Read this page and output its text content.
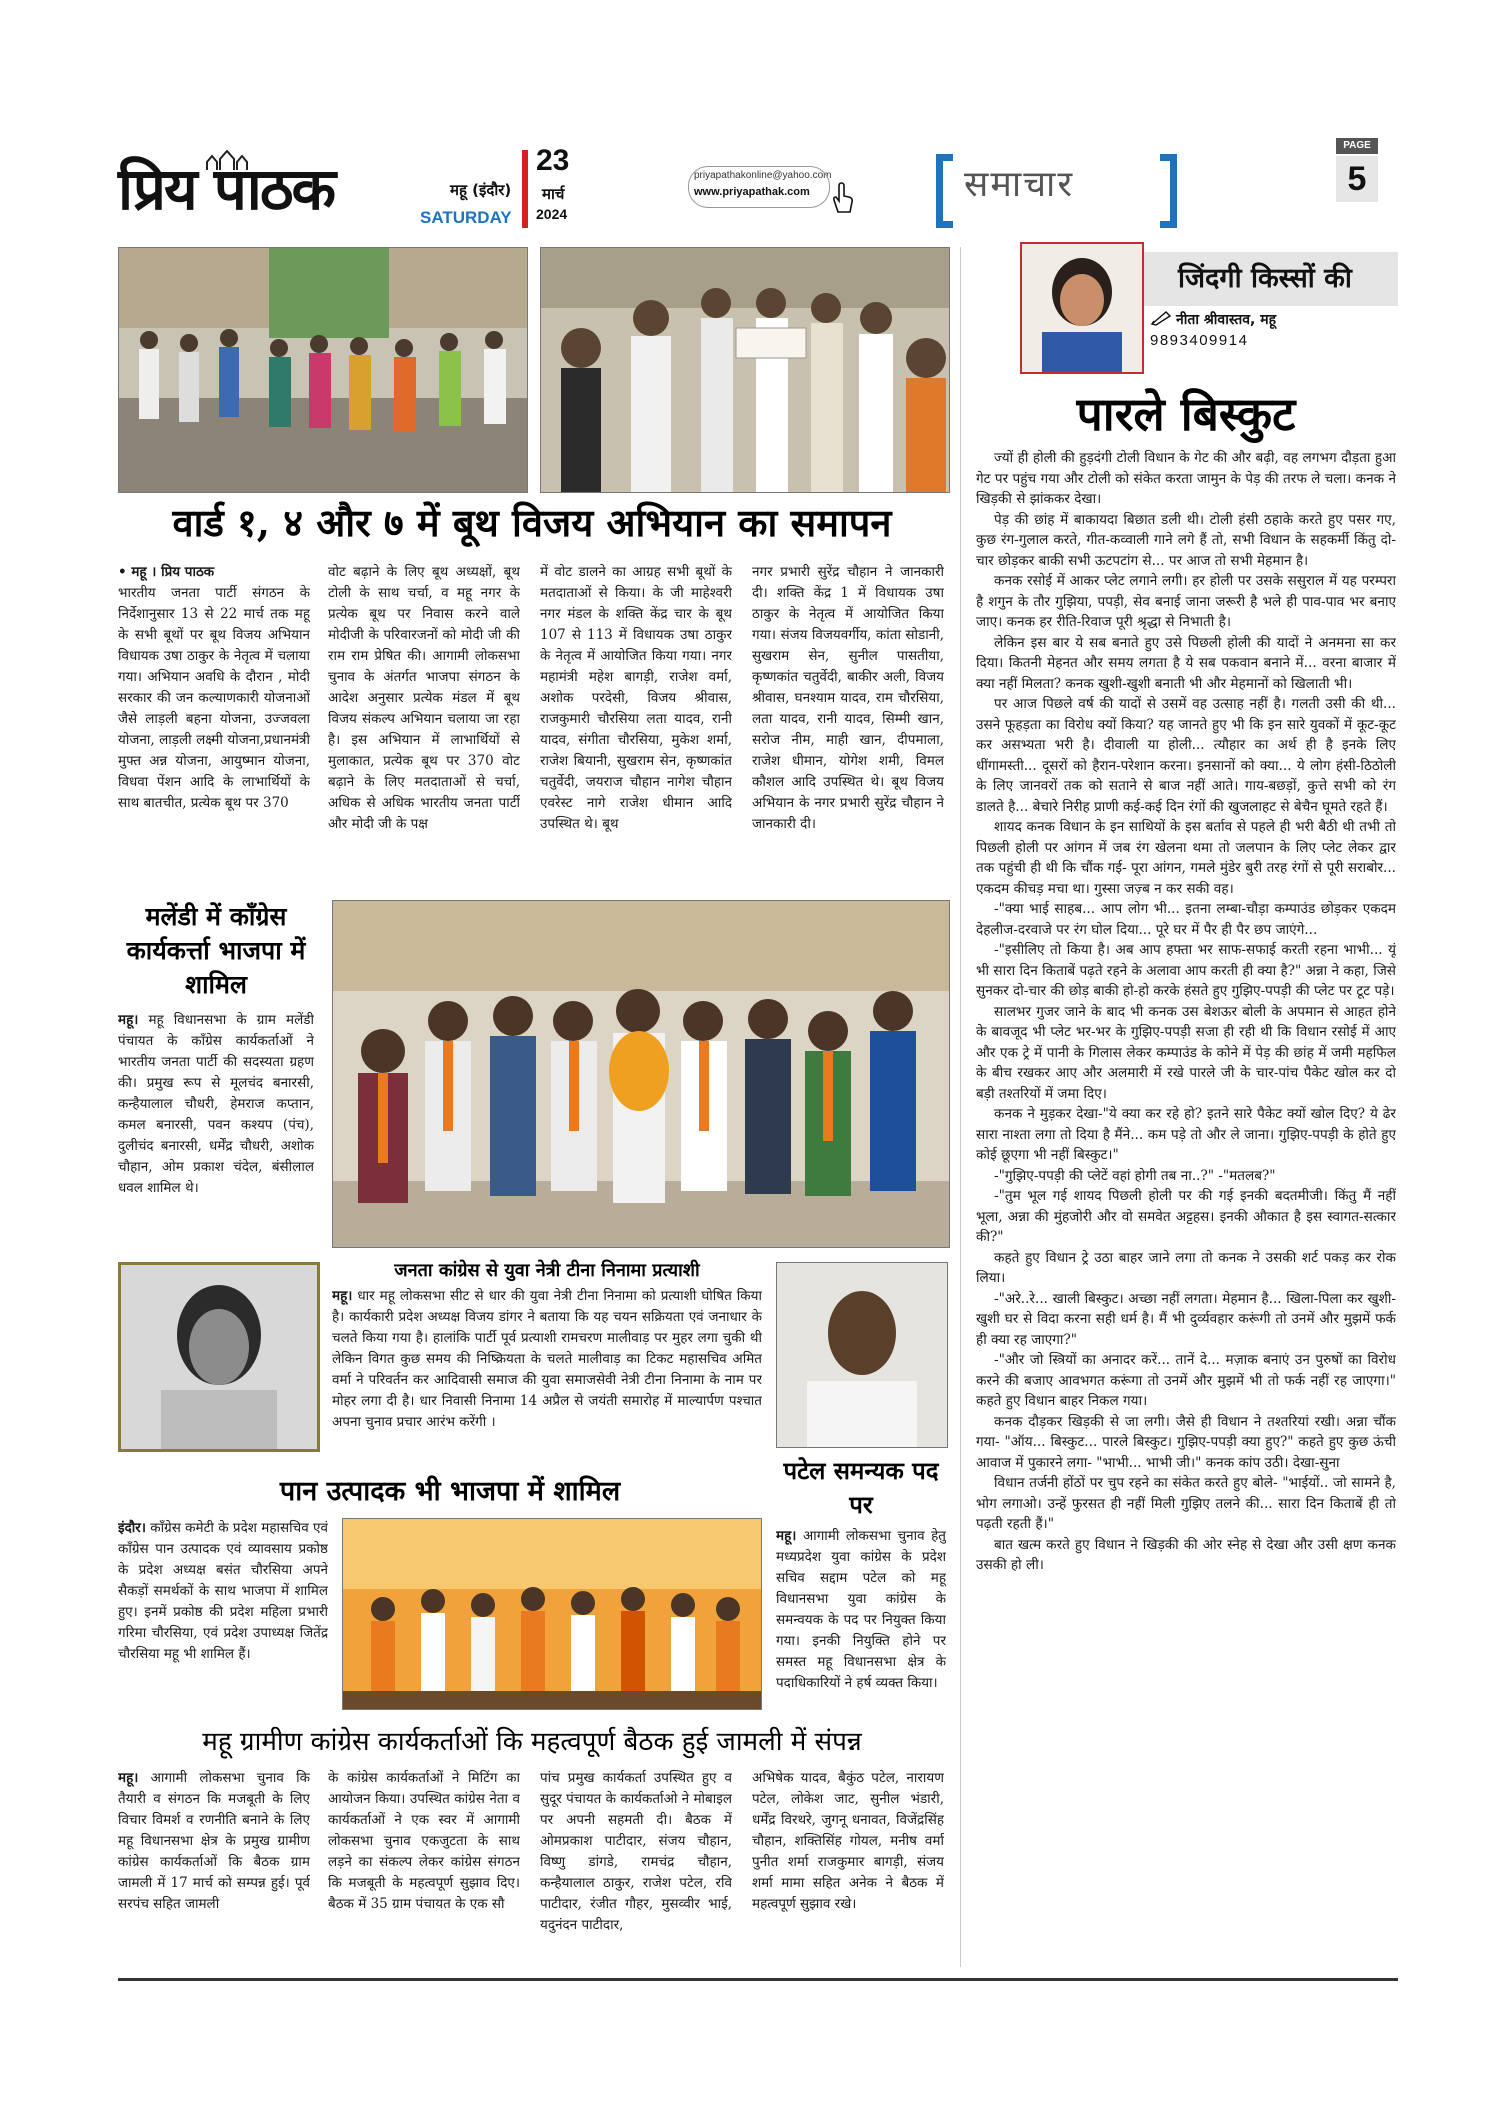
प्रिय पाठक	महू (इंदौर)
SATURDAY
23
मार्च
2024
priyapathakonline@yahoo.com
www.priyapathak.com	समाचार
PAGE
5
वार्ड १, ४ और ७ में बूथ विजय अभियान का समापन
• महू । प्रिय पाठक
भारतीय जनता पार्टी संगठन के निर्देशानुसार 13 से 22 मार्च तक महू के सभी बूथों पर बूथ विजय अभियान विधायक उषा ठाकुर के नेतृत्व में चलाया गया। अभियान अवधि के दौरान , मोदी सरकार की जन कल्याणकारी योजनाओं जैसे लाड़ली बहना योजना, उज्जवला योजना, लाड़ली लक्ष्मी योजना,प्रधानमंत्री मुफ्त अन्न योजना, आयुष्मान योजना, विधवा पेंशन आदि के लाभार्थियों के साथ बातचीत, प्रत्येक बूथ पर 370
वोट बढ़ाने के लिए बूथ अध्यक्षों, बूथ टोली के साथ चर्चा, व महू नगर के प्रत्येक बूथ पर निवास करने वाले मोदीजी के परिवारजनों को मोदी जी की राम राम प्रेषित की। आगामी लोकसभा चुनाव के अंतर्गत भाजपा संगठन के आदेश अनुसार प्रत्येक मंडल में बूथ विजय संकल्प अभियान चलाया जा रहा है। इस अभियान में लाभार्थियों से मुलाकात, प्रत्येक बूथ पर 370 वोट बढ़ाने के लिए मतदाताओं से चर्चा, अधिक से अधिक भारतीय जनता पार्टी और मोदी जी के पक्ष
में वोट डालने का आग्रह सभी बूथों के मतदाताओं से किया। के जी माहेश्वरी नगर मंडल के शक्ति केंद्र चार के बूथ 107 से 113 में विधायक उषा ठाकुर के नेतृत्व में आयोजित किया गया। नगर महामंत्री महेश बागड़ी, राजेश वर्मा, अशोक परदेसी, विजय श्रीवास, राजकुमारी चौरसिया लता यादव, रानी यादव, संगीता चौरसिया, मुकेश शर्मा, राजेश बियानी, सुखराम सेन, कृष्णकांत चतुर्वेदी, जयराज चौहान नागेश चौहान एवरेस्ट नागे राजेश धीमान आदि उपस्थित थे। बूथ
नगर प्रभारी सुरेंद्र चौहान ने जानकारी दी। शक्ति केंद्र 1 में विधायक उषा ठाकुर के नेतृत्व में आयोजित किया गया। संजय विजयवर्गीय, कांता सोडानी, सुखराम सेन, सुनील पासतीया, कृष्णकांत चतुर्वेदी, बाकीर अली, विजय श्रीवास, घनश्याम यादव, राम चौरसिया, लता यादव, रानी यादव, सिम्मी खान, सरोज नीम, माही खान, दीपमाला, राजेश धीमान, योगेश शमी, विमल कौशल आदि उपस्थित थे। बूथ विजय अभियान के नगर प्रभारी सुरेंद्र चौहान ने जानकारी दी।
मलेंडी में कॉंग्रेस कार्यकर्त्ता भाजपा में शामिल
महू। महू विधानसभा के ग्राम मलेंडी पंचायत के कॉंग्रेस कार्यकर्ताओं ने भारतीय जनता पार्टी की सदस्यता ग्रहण की। प्रमुख रूप से मूलचंद बनारसी, कन्हैयालाल चौधरी, हेमराज कप्तान, कमल बनारसी, पवन कश्यप (पंच), दुलीचंद बनारसी, धर्मेंद्र चौधरी, अशोक चौहान, ओम प्रकाश चंदेल, बंसीलाल धवल शामिल थे।
जनता कांग्रेस से युवा नेत्री टीना निनामा प्रत्याशी
महू। धार महू लोकसभा सीट से धार की युवा नेत्री टीना निनामा को प्रत्याशी घोषित किया है। कार्यकारी प्रदेश अध्यक्ष विजय डांगर ने बताया कि यह चयन सक्रियता एवं जनाधार के चलते किया गया है। हालांकि पार्टी पूर्व प्रत्याशी रामचरण मालीवाड़ पर मुहर लगा चुकी थी लेकिन विगत कुछ समय की निष्क्रियता के चलते मालीवाड़ का टिकट महासचिव अमित वर्मा ने परिवर्तन कर आदिवासी समाज की युवा समाजसेवी नेत्री टीना निनामा के नाम पर मोहर लगा दी है। धार निवासी निनामा 14 अप्रैल से जयंती समारोह में माल्यार्पण पश्चात अपना चुनाव प्रचार आरंभ करेंगी ।
पटेल समन्यक पद पर
महू। आगामी लोकसभा चुनाव हेतु मध्यप्रदेश युवा कांग्रेस के प्रदेश सचिव सद्दाम पटेल को महू विधानसभा युवा कांग्रेस के समन्वयक के पद पर नियुक्त किया गया। इनकी नियुक्ति होने पर समस्त महू विधानसभा क्षेत्र के पदाधिकारियों ने हर्ष व्यक्त किया।
पान उत्पादक भी भाजपा में शामिल
इंदौर। कॉंग्रेस कमेटी के प्रदेश महासचिव एवं कॉंग्रेस पान उत्पादक एवं व्यावसाय प्रकोष्ठ के प्रदेश अध्यक्ष बसंत चौरसिया अपने सैकड़ों समर्थकों के साथ भाजपा में शामिल हुए। इनमें प्रकोष्ठ की प्रदेश महिला प्रभारी गरिमा चौरसिया, एवं प्रदेश उपाध्यक्ष जितेंद्र चौरसिया महू भी शामिल हैं।
महू ग्रामीण कांग्रेस कार्यकर्ताओं कि महत्वपूर्ण बैठक हुई जामली में संपन्न
महू। आगामी लोकसभा चुनाव कि तैयारी व संगठन कि मजबूती के लिए विचार विमर्श व रणनीति बनाने के लिए महू विधानसभा क्षेत्र के प्रमुख ग्रामीण कांग्रेस कार्यकर्ताओं कि बैठक ग्राम जामली में 17 मार्च को सम्पन्न हुई। पूर्व सरपंच सहित जामली
के कांग्रेस कार्यकर्ताओं ने मिटिंग का आयोजन किया। उपस्थित कांग्रेस नेता व कार्यकर्ताओं ने एक स्वर में आगामी लोकसभा चुनाव एकजुटता के साथ लड़ने का संकल्प लेकर कांग्रेस संगठन कि मजबूती के महत्वपूर्ण सुझाव दिए। बैठक में 35 ग्राम पंचायत के एक सौ
पांच प्रमुख कार्यकर्ता उपस्थित हुए व सुदूर पंचायत के कार्यकर्ताओ ने मोबाइल पर अपनी सहमती दी। बैठक में ओमप्रकाश पाटीदार, संजय चौहान, विष्णु डांगडे, रामचंद्र चौहान, कन्हैयालाल ठाकुर, राजेश पटेल, रवि पाटीदार, रंजीत गौहर, मुसव्वीर भाई, यदुनंदन पाटीदार,
अभिषेक यादव, बैकुंठ पटेल, नारायण पटेल, लोकेश जाट, सुनील भंडारी, धर्मेंद्र विरथरे, जुगनू धनावत, विजेंद्रसिंह चौहान, शक्तिसिंह गोयल, मनीष वर्मा पुनीत शर्मा राजकुमार बागड़ी, संजय शर्मा मामा सहित अनेक ने बैठक में महत्वपूर्ण सुझाव रखे।
जिंदगी किस्सों की
नीता श्रीवास्तव, महू
9893409914
पारले बिस्कुट

ज्यों ही होली की हुड़दंगी टोली विधान के गेट की और बढ़ी, वह लगभग दौड़ता हुआ गेट पर पहुंच गया और टोली को संकेत करता जामुन के पेड़ की तरफ ले चला। कनक ने खिड़की से झांककर देखा।

पेड़ की छांह में बाकायदा बिछात डली थी। टोली हंसी ठहाके करते हुए पसर गए, कुछ रंग-गुलाल करते, गीत-कव्वाली गाने लगे हैं तो, सभी विधान के सहकर्मी किंतु दो-चार छोड़कर बाकी सभी ऊटपटांग से... पर आज तो सभी मेहमान है।

कनक रसोई में आकर प्लेट लगाने लगी। हर होली पर उसके ससुराल में यह परम्परा है शगुन के तौर गुझिया, पपड़ी, सेव बनाई जाना जरूरी है भले ही पाव-पाव भर बनाए जाए। कनक हर रीति-रिवाज पूरी श्रृद्धा से निभाती है।

लेकिन इस बार ये सब बनाते हुए उसे पिछली होली की यादों ने अनमना सा कर दिया। कितनी मेहनत और समय लगता है ये सब पकवान बनाने में... वरना बाजार में क्या नहीं मिलता? कनक खुशी-खुशी बनाती भी और मेहमानों को खिलाती भी।

पर आज पिछले वर्ष की यादों से उसमें वह उत्साह नहीं है। गलती उसी की थी... उसने फूहड़ता का विरोध क्यों किया? यह जानते हुए भी कि इन सारे युवकों में कूट-कूट कर असभ्यता भरी है। दीवाली या होली... त्यौहार का अर्थ ही है इनके लिए धींगामस्ती... दूसरों को हैरान-परेशान करना। इनसानों को क्या... ये लोग हंसी-ठिठोली के लिए जानवरों तक को सताने से बाज नहीं आते। गाय-बछड़ों, कुत्ते सभी को रंग डालते है... बेचारे निरीह प्राणी कई-कई दिन रंगों की खुजलाहट से बेचैन घूमते रहते हैं।

शायद कनक विधान के इन साथियों के इस बर्ताव से पहले ही भरी बैठी थी तभी तो पिछली होली पर आंगन में जब रंग खेलना थमा तो जलपान के लिए प्लेट लेकर द्वार तक पहुंची ही थी कि चौंक गई- पूरा आंगन, गमले मुंडेर बुरी तरह रंगों से पूरी सराबोर... एकदम कीचड़ मचा था। गुस्सा जज़्ब न कर सकी वह।

-"क्या भाई साहब... आप लोग भी... इतना लम्बा-चौड़ा कम्पाउंड छोड़कर एकदम देहलीज-दरवाजे पर रंग घोल दिया... पूरे घर में पैर ही पैर छप जाएंगे...

-"इसीलिए तो किया है। अब आप हफ्ता भर साफ-सफाई करती रहना भाभी... यूं भी सारा दिन किताबें पढ़ते रहने के अलावा आप करती ही क्या है?" अन्ना ने कहा, जिसे सुनकर दो-चार की छोड़ बाकी हो-हो करके हंसते हुए गुझिए-पपड़ी की प्लेट पर टूट पड़े।

सालभर गुजर जाने के बाद भी कनक उस बेशऊर बोली के अपमान से आहत होने के बावजूद भी प्लेट भर-भर के गुझिए-पपड़ी सजा ही रही थी कि विधान रसोई में आए और एक ट्रे में पानी के गिलास लेकर कम्पाउंड के कोने में पेड़ की छांह में जमी महफिल के बीच रखकर आए और अलमारी में रखे पारले जी के चार-पांच पैकेट खोल कर दो बड़ी तश्तरियों में जमा दिए।

कनक ने मुड़कर देखा-"ये क्या कर रहे हो? इतने सारे पैकेट क्यों खोल दिए? ये ढेर सारा नाश्ता लगा तो दिया है मैंने... कम पड़े तो और ले जाना। गुझिए-पपड़ी के होते हुए कोई छूएगा भी नहीं बिस्कुट।"

-"गुझिए-पपड़ी की प्लेटें वहां होगी तब ना..?" -"मतलब?"

-"तुम भूल गई शायद पिछली होली पर की गई इनकी बदतमीजी। किंतु मैं नहीं भूला, अन्ना की मुंहजोरी और वो समवेत अट्टहस। इनकी औकात है इस स्वागत-सत्कार की?"

कहते हुए विधान ट्रे उठा बाहर जाने लगा तो कनक ने उसकी शर्ट पकड़ कर रोक लिया।

-"अरे..रे... खाली बिस्कुट। अच्छा नहीं लगता। मेहमान है... खिला-पिला कर खुशी-खुशी घर से विदा करना सही धर्म है। मैं भी दुर्व्यवहार करूंगी तो उनमें और मुझमें फर्क ही क्या रह जाएगा?"

-"और जो स्त्रियों का अनादर करें... तानें दे... मज़ाक बनाएं उन पुरुषों का विरोध करने की बजाए आवभगत करूंगा तो उनमें और मुझमें भी तो फर्क नहीं रह जाएगा।" कहते हुए विधान बाहर निकल गया।

कनक दौड़कर खिड़की से जा लगी। जैसे ही विधान ने तश्तरियां रखी। अन्ना चौंक गया- "ऑय... बिस्कुट... पारले बिस्कुट। गुझिए-पपड़ी क्या हुए?" कहते हुए कुछ ऊंची आवाज में पुकारने लगा- "भाभी... भाभी जी।" कनक कांप उठी। देखा-सुना

विधान तर्जनी होंठों पर चुप रहने का संकेत करते हुए बोले- "भाईयों.. जो सामने है, भोग लगाओ। उन्हें फुरसत ही नहीं मिली गुझिए तलने की... सारा दिन किताबें ही तो पढ़ती रहती हैं।"

बात खत्म करते हुए विधान ने खिड़की की ओर स्नेह से देखा और उसी क्षण कनक उसकी हो ली।
